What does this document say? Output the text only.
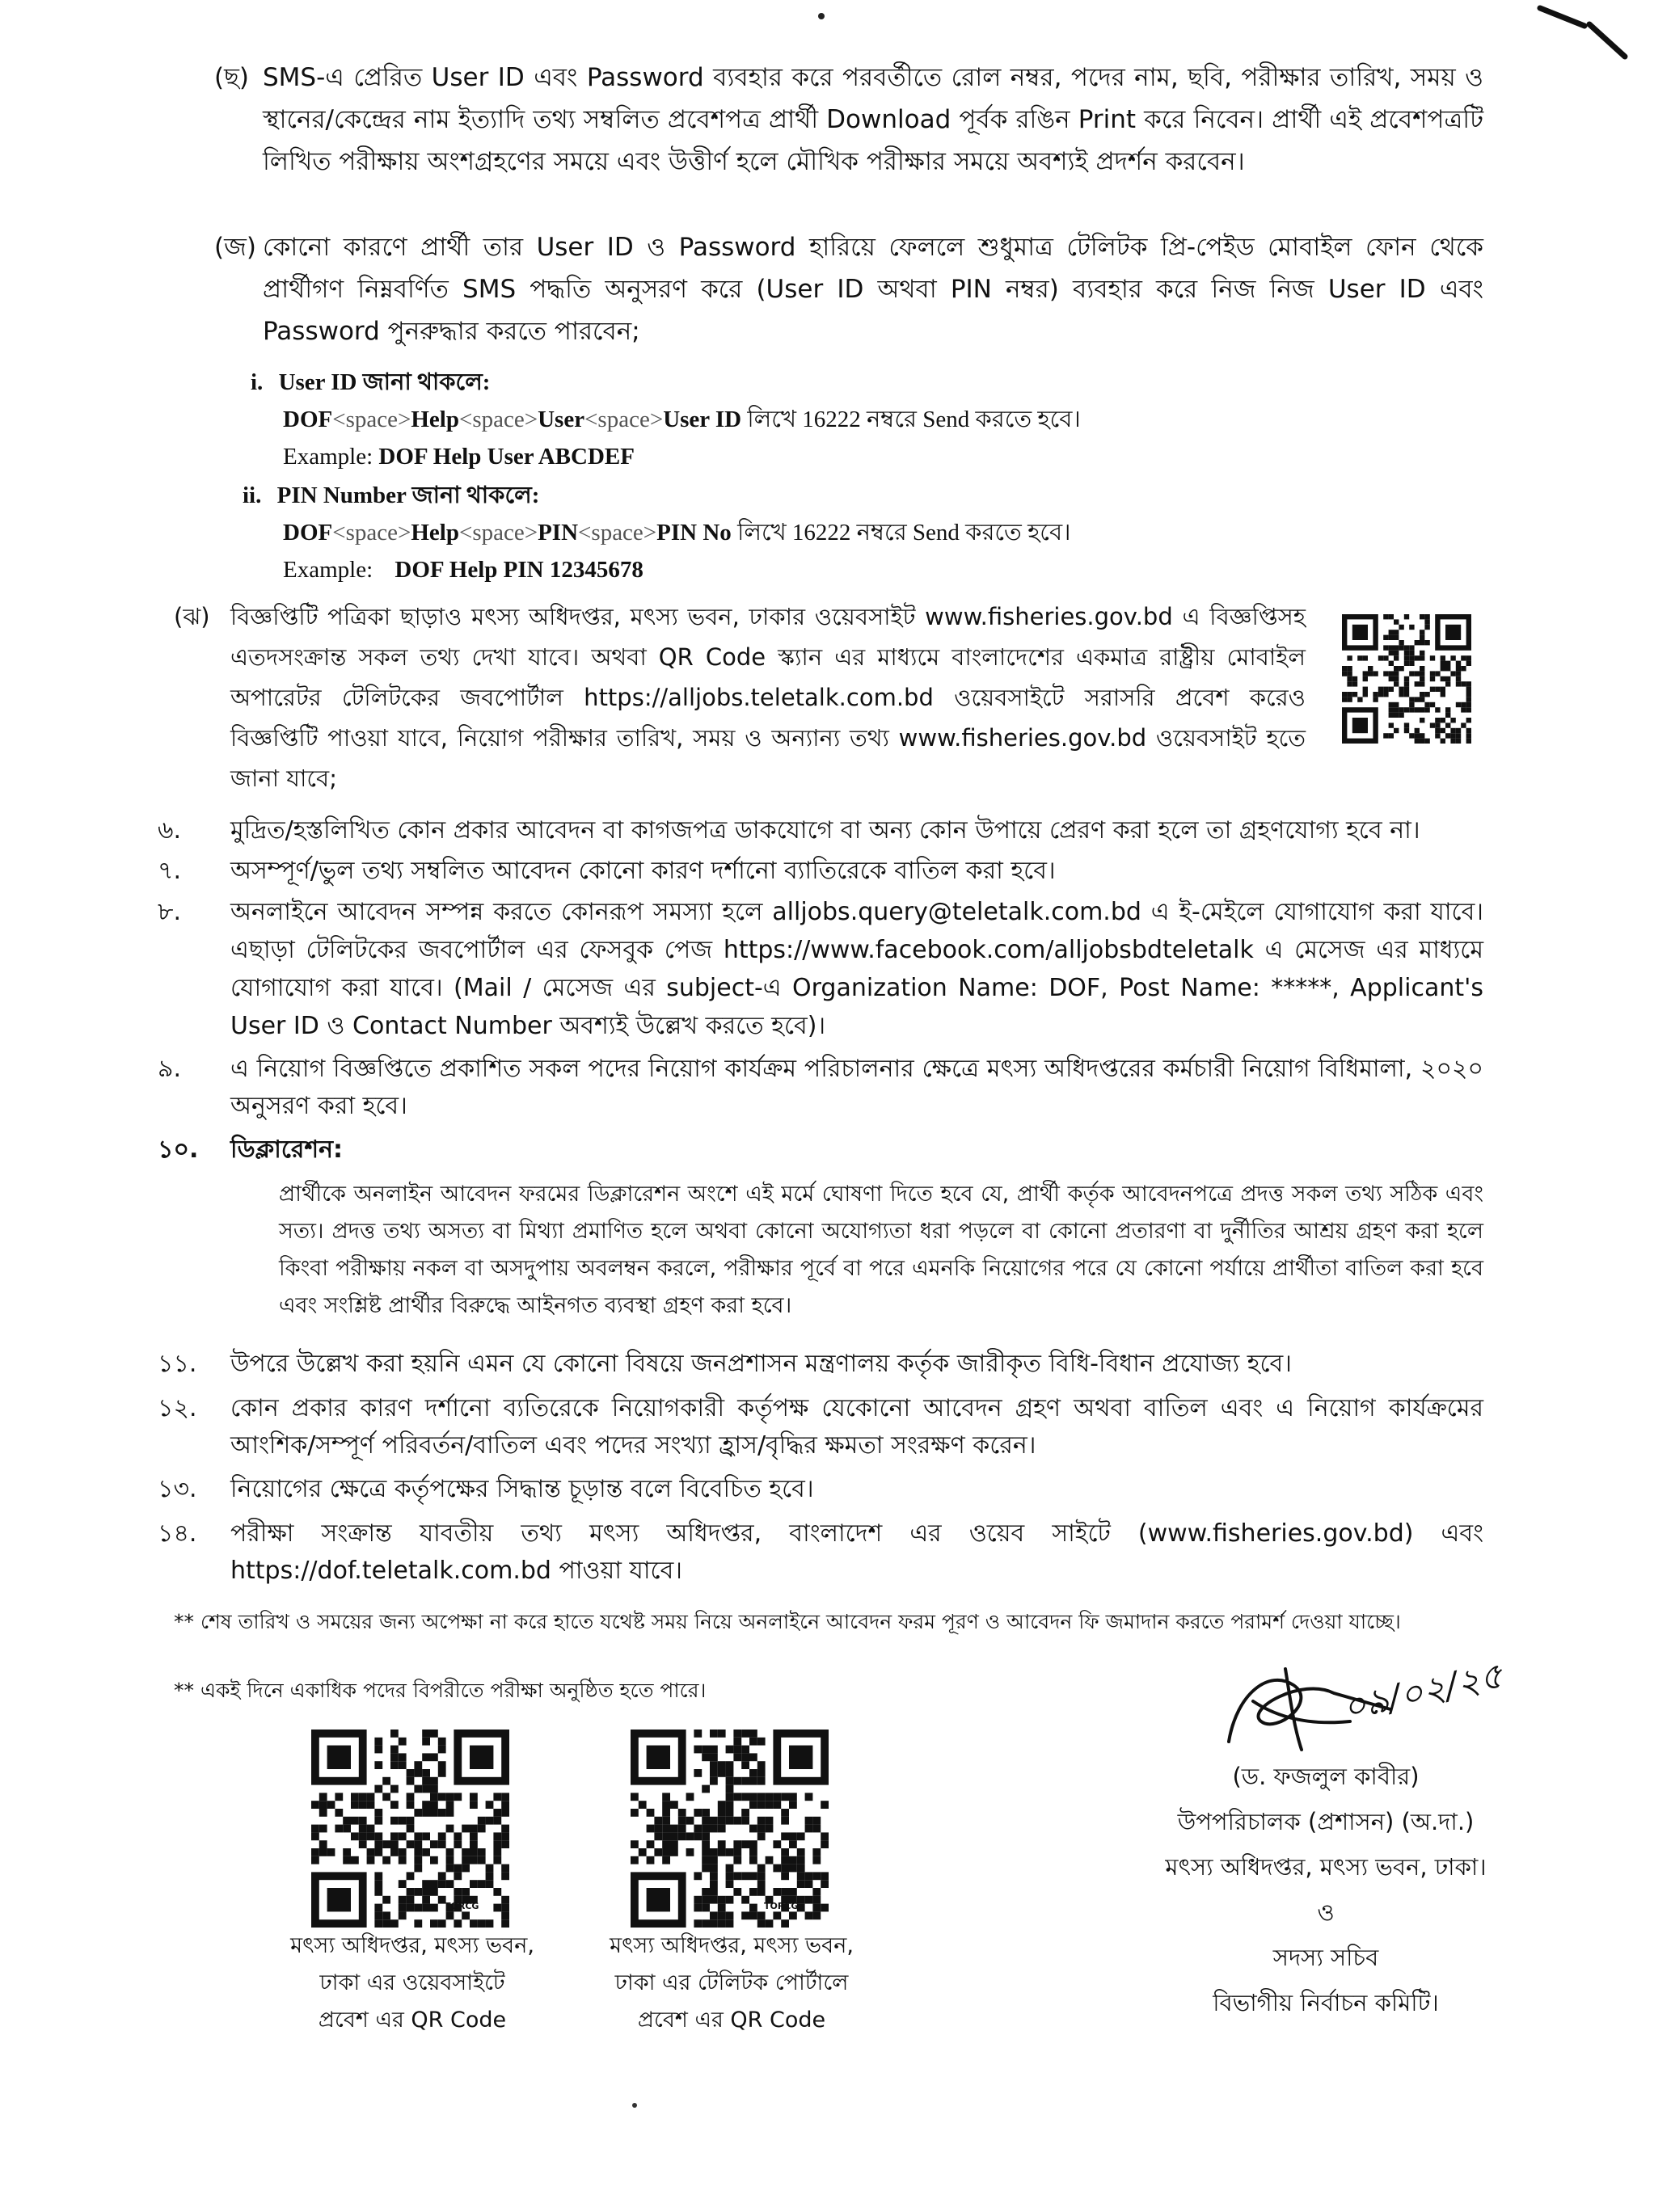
(ছ) SMS-এ প্রেরিত User ID এবং Password ব্যবহার করে পরবর্তীতে রোল নম্বর, পদের নাম, ছবি, পরীক্ষার তারিখ, সময় ও স্থানের/কেন্দ্রের নাম ইত্যাদি তথ্য সম্বলিত প্রবেশপত্র প্রার্থী Download পূর্বক রঙিন Print করে নিবেন। প্রার্থী এই প্রবেশপত্রটি লিখিত পরীক্ষায় অংশগ্রহণের সময়ে এবং উত্তীর্ণ হলে মৌখিক পরীক্ষার সময়ে অবশ্যই প্রদর্শন করবেন।
(জ) কোনো কারণে প্রার্থী তার User ID ও Password হারিয়ে ফেললে শুধুমাত্র টেলিটক প্রি-পেইড মোবাইল ফোন থেকে প্রার্থীগণ নিম্নবর্ণিত SMS পদ্ধতি অনুসরণ করে (User ID অথবা PIN নম্বর) ব্যবহার করে নিজ নিজ User ID এবং Password পুনরুদ্ধার করতে পারবেন;
i. User ID জানা থাকলে:
DOF<space>Help<space>User<space>User ID লিখে 16222 নম্বরে Send করতে হবে।
Example: DOF Help User ABCDEF
ii. PIN Number জানা থাকলে:
DOF<space>Help<space>PIN<space>PIN No লিখে 16222 নম্বরে Send করতে হবে।
Example: DOF Help PIN 12345678
(ঝ) বিজ্ঞপ্তিটি পত্রিকা ছাড়াও মৎস্য অধিদপ্তর, মৎস্য ভবন, ঢাকার ওয়েবসাইট www.fisheries.gov.bd এ বিজ্ঞপ্তিসহ এতদসংক্রান্ত সকল তথ্য দেখা যাবে। অথবা QR Code স্ক্যান এর মাধ্যমে বাংলাদেশের একমাত্র রাষ্ট্রীয় মোবাইল অপারেটর টেলিটকের জবপোর্টাল https://alljobs.teletalk.com.bd ওয়েবসাইটে সরাসরি প্রবেশ করেও বিজ্ঞপ্তিটি পাওয়া যাবে, নিয়োগ পরীক্ষার তারিখ, সময় ও অন্যান্য তথ্য www.fisheries.gov.bd ওয়েবসাইট হতে জানা যাবে;
৬.	মুদ্রিত/হস্তলিখিত কোন প্রকার আবেদন বা কাগজপত্র ডাকযোগে বা অন্য কোন উপায়ে প্রেরণ করা হলে তা গ্রহণযোগ্য হবে না।
৭.	অসম্পূর্ণ/ভুল তথ্য সম্বলিত আবেদন কোনো কারণ দর্শানো ব্যাতিরেকে বাতিল করা হবে।
৮.	অনলাইনে আবেদন সম্পন্ন করতে কোনরূপ সমস্যা হলে alljobs.query@teletalk.com.bd এ ই-মেইলে যোগাযোগ করা যাবে। এছাড়া টেলিটকের জবপোর্টাল এর ফেসবুক পেজ https://www.facebook.com/alljobsbdteletalk এ মেসেজ এর মাধ্যমে যোগাযোগ করা যাবে। (Mail / মেসেজ এর subject-এ Organization Name: DOF, Post Name: *****, Applicant's User ID ও Contact Number অবশ্যই উল্লেখ করতে হবে)।
৯.	এ নিয়োগ বিজ্ঞপ্তিতে প্রকাশিত সকল পদের নিয়োগ কার্যক্রম পরিচালনার ক্ষেত্রে মৎস্য অধিদপ্তরের কর্মচারী নিয়োগ বিধিমালা, ২০২০ অনুসরণ করা হবে।
১০.	ডিক্লারেশন:
প্রার্থীকে অনলাইন আবেদন ফরমের ডিক্লারেশন অংশে এই মর্মে ঘোষণা দিতে হবে যে, প্রার্থী কর্তৃক আবেদনপত্রে প্রদত্ত সকল তথ্য সঠিক এবং সত্য। প্রদত্ত তথ্য অসত্য বা মিথ্যা প্রমাণিত হলে অথবা কোনো অযোগ্যতা ধরা পড়লে বা কোনো প্রতারণা বা দুর্নীতির আশ্রয় গ্রহণ করা হলে কিংবা পরীক্ষায় নকল বা অসদুপায় অবলম্বন করলে, পরীক্ষার পূর্বে বা পরে এমনকি নিয়োগের পরে যে কোনো পর্যায়ে প্রার্থীতা বাতিল করা হবে এবং সংশ্লিষ্ট প্রার্থীর বিরুদ্ধে আইনগত ব্যবস্থা গ্রহণ করা হবে।
১১.	উপরে উল্লেখ করা হয়নি এমন যে কোনো বিষয়ে জনপ্রশাসন মন্ত্রণালয় কর্তৃক জারীকৃত বিধি-বিধান প্রযোজ্য হবে।
১২.	কোন প্রকার কারণ দর্শানো ব্যতিরেকে নিয়োগকারী কর্তৃপক্ষ যেকোনো আবেদন গ্রহণ অথবা বাতিল এবং এ নিয়োগ কার্যক্রমের আংশিক/সম্পূর্ণ পরিবর্তন/বাতিল এবং পদের সংখ্যা হ্রাস/বৃদ্ধির ক্ষমতা সংরক্ষণ করেন।
১৩.	নিয়োগের ক্ষেত্রে কর্তৃপক্ষের সিদ্ধান্ত চূড়ান্ত বলে বিবেচিত হবে।
১৪.	পরীক্ষা সংক্রান্ত যাবতীয় তথ্য মৎস্য অধিদপ্তর, বাংলাদেশ এর ওয়েব সাইটে (www.fisheries.gov.bd) এবং https://dof.teletalk.com.bd পাওয়া যাবে।
** শেষ তারিখ ও সময়ের জন্য অপেক্ষা না করে হাতে যথেষ্ট সময় নিয়ে অনলাইনে আবেদন ফরম পূরণ ও আবেদন ফি জমাদান করতে পরামর্শ দেওয়া যাচ্ছে।
** একই দিনে একাধিক পদের বিপরীতে পরীক্ষা অনুষ্ঠিত হতে পারে।
TORCG
মৎস্য অধিদপ্তর, মৎস্য ভবন,
ঢাকা এর ওয়েবসাইটে
প্রবেশ এর QR Code
TORCG
মৎস্য অধিদপ্তর, মৎস্য ভবন,
ঢাকা এর টেলিটক পোর্টালে
প্রবেশ এর QR Code
০৯/০২/২৫
(ড. ফজলুল কাবীর)
উপপরিচালক (প্রশাসন) (অ.দা.)
মৎস্য অধিদপ্তর, মৎস্য ভবন, ঢাকা।
ও
সদস্য সচিব
বিভাগীয় নির্বাচন কমিটি।
